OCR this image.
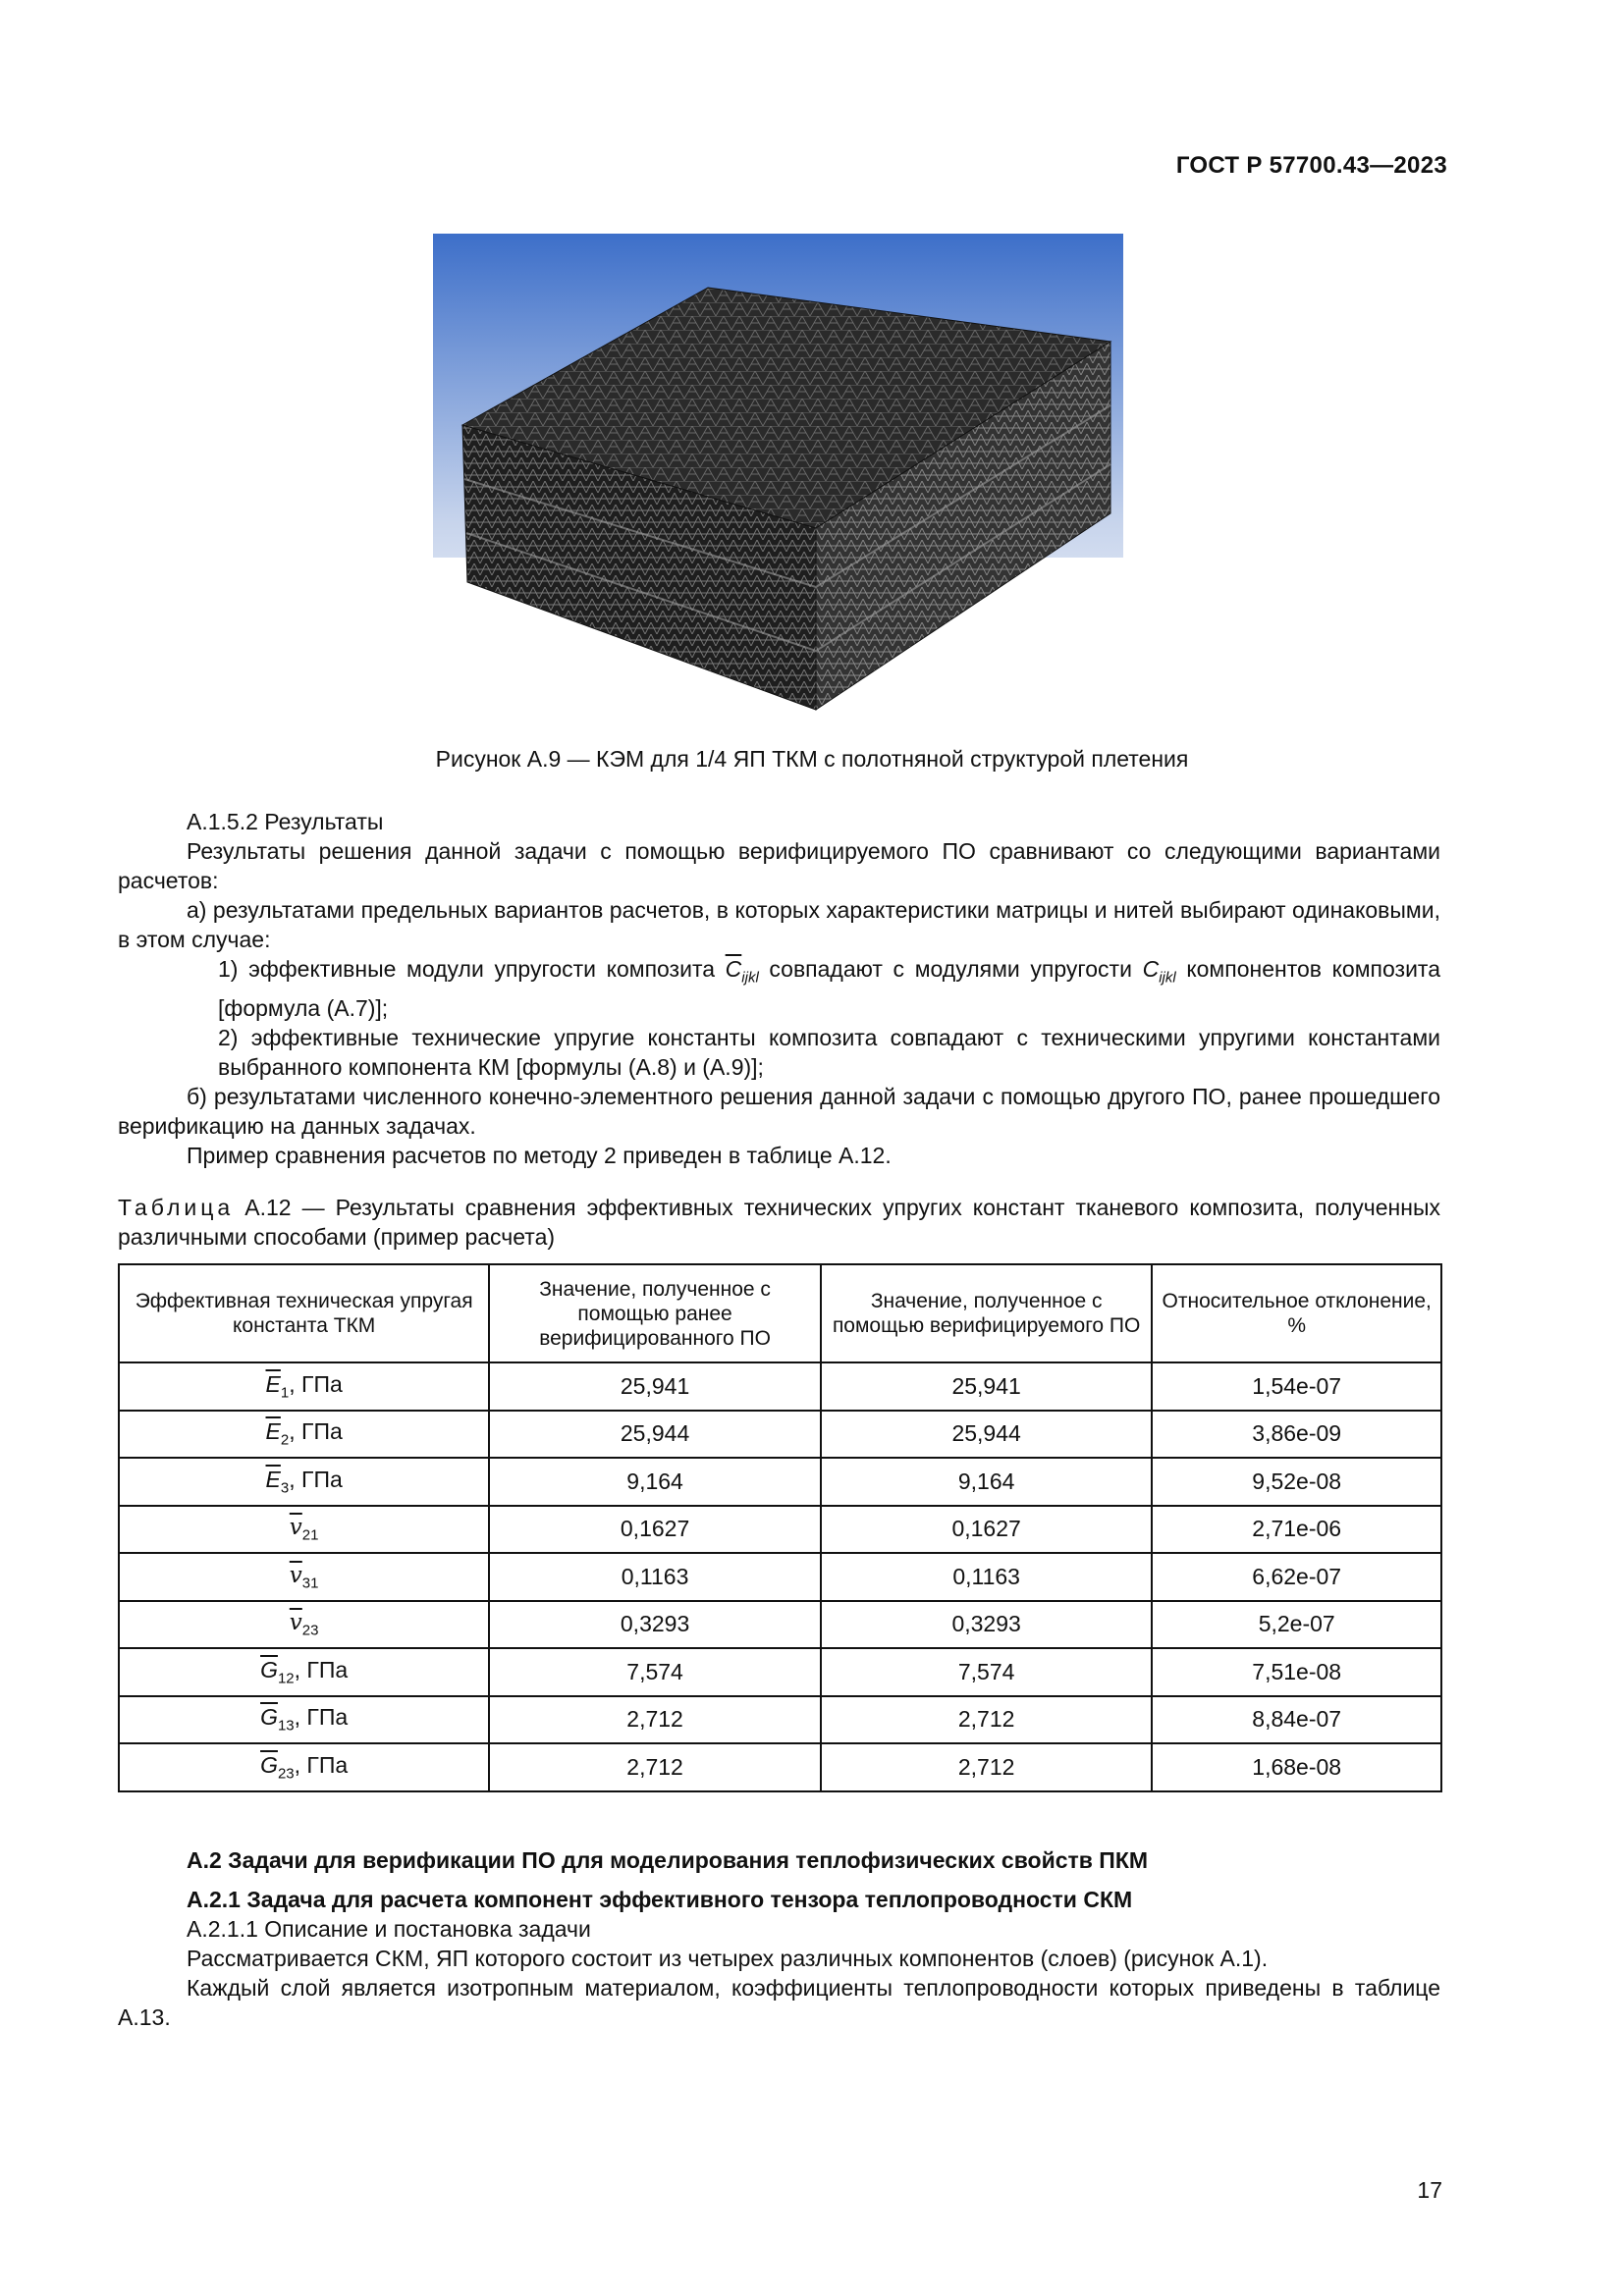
ГОСТ Р 57700.43—2023
Рисунок А.9 — КЭМ для 1/4 ЯП ТКМ с полотняной структурой плетения

А.1.5.2 Результаты

Результаты решения данной задачи с помощью верифицируемого ПО сравнивают со следующими вариантами расчетов:

а) результатами предельных вариантов расчетов, в которых характеристики матрицы и нитей выбирают одинаковыми, в этом случае:

1) эффективные модули упругости композита $\overline{C}_{ijkl}$ совпадают с модулями упругости $C_{ijkl}$ компонентов композита [формула (А.7)];

2) эффективные технические упругие константы композита совпадают с техническими упругими константами выбранного компонента КМ [формулы (А.8) и (А.9)];

б) результатами численного конечно-элементного решения данной задачи с помощью другого ПО, ранее прошедшего верификацию на данных задачах.

Пример сравнения расчетов по методу 2 приведен в таблице А.12.

Таблица А.12 — Результаты сравнения эффективных технических упругих констант тканевого композита, полученных различными способами (пример расчета)
Эффективная техническая упругая константа ТКМ	Значение, полученное с помощью ранее верифицированного ПО	Значение, полученное с помощью верифицируемого ПО	Относительное отклонение, %
$\overline{E}_1$, ГПа	25,941	25,941	1,54e-07
$\overline{E}_2$, ГПа	25,944	25,944	3,86e-09
$\overline{E}_3$, ГПа	9,164	9,164	9,52e-08
$\overline{v}_{21}$	0,1627	0,1627	2,71e-06
$\overline{v}_{31}$	0,1163	0,1163	6,62e-07
$\overline{v}_{23}$	0,3293	0,3293	5,2e-07
$\overline{G}_{12}$, ГПа	7,574	7,574	7,51e-08
$\overline{G}_{13}$, ГПа	2,712	2,712	8,84e-07
$\overline{G}_{23}$, ГПа	2,712	2,712	1,68e-08

А.2 Задачи для верификации ПО для моделирования теплофизических свойств ПКМ

А.2.1 Задача для расчета компонент эффективного тензора теплопроводности СКМ

А.2.1.1 Описание и постановка задачи

Рассматривается СКМ, ЯП которого состоит из четырех различных компонентов (слоев) (рисунок А.1).

Каждый слой является изотропным материалом, коэффициенты теплопроводности которых приведены в таблице А.13.

17
